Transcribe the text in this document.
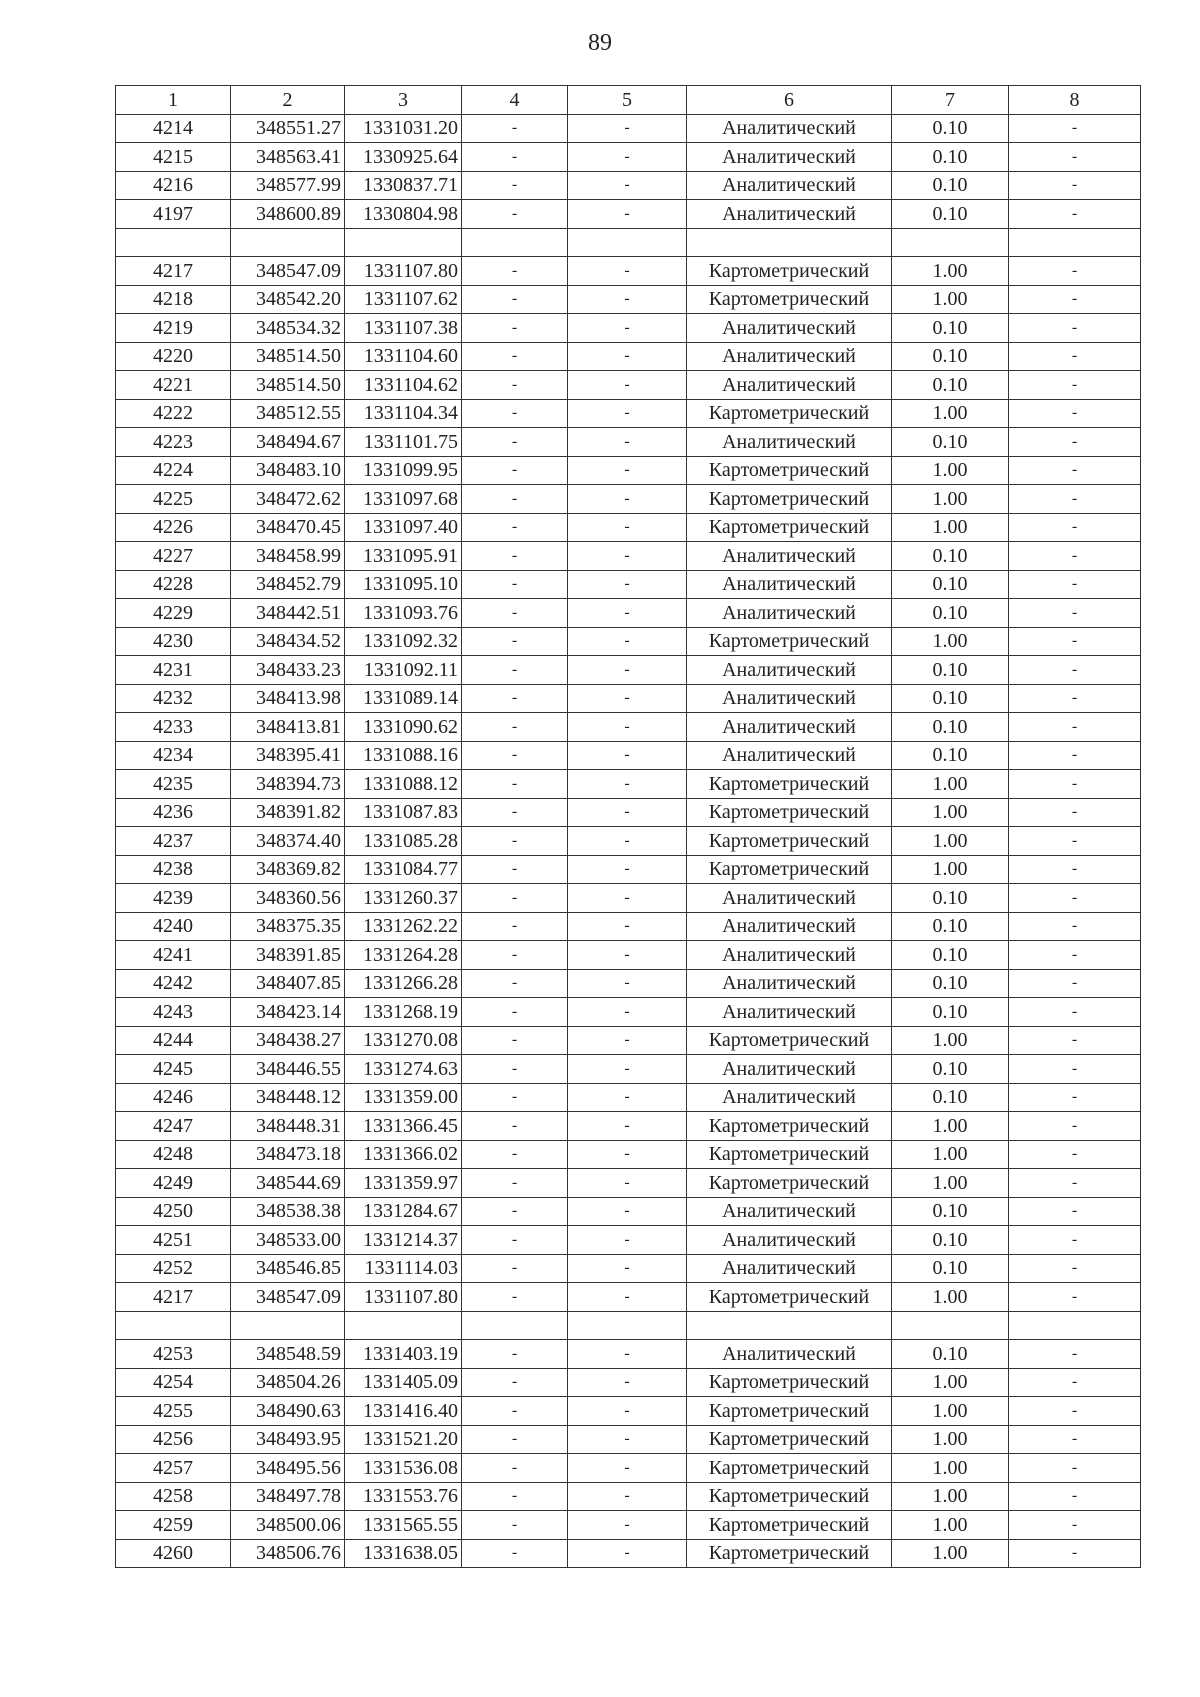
89
1	2	3	4	5	6	7	8
4214	348551.27	1331031.20	-	-	Аналитический	0.10	-
4215	348563.41	1330925.64	-	-	Аналитический	0.10	-
4216	348577.99	1330837.71	-	-	Аналитический	0.10	-
4197	348600.89	1330804.98	-	-	Аналитический	0.10	-

4217	348547.09	1331107.80	-	-	Картометрический	1.00	-
4218	348542.20	1331107.62	-	-	Картометрический	1.00	-
4219	348534.32	1331107.38	-	-	Аналитический	0.10	-
4220	348514.50	1331104.60	-	-	Аналитический	0.10	-
4221	348514.50	1331104.62	-	-	Аналитический	0.10	-
4222	348512.55	1331104.34	-	-	Картометрический	1.00	-
4223	348494.67	1331101.75	-	-	Аналитический	0.10	-
4224	348483.10	1331099.95	-	-	Картометрический	1.00	-
4225	348472.62	1331097.68	-	-	Картометрический	1.00	-
4226	348470.45	1331097.40	-	-	Картометрический	1.00	-
4227	348458.99	1331095.91	-	-	Аналитический	0.10	-
4228	348452.79	1331095.10	-	-	Аналитический	0.10	-
4229	348442.51	1331093.76	-	-	Аналитический	0.10	-
4230	348434.52	1331092.32	-	-	Картометрический	1.00	-
4231	348433.23	1331092.11	-	-	Аналитический	0.10	-
4232	348413.98	1331089.14	-	-	Аналитический	0.10	-
4233	348413.81	1331090.62	-	-	Аналитический	0.10	-
4234	348395.41	1331088.16	-	-	Аналитический	0.10	-
4235	348394.73	1331088.12	-	-	Картометрический	1.00	-
4236	348391.82	1331087.83	-	-	Картометрический	1.00	-
4237	348374.40	1331085.28	-	-	Картометрический	1.00	-
4238	348369.82	1331084.77	-	-	Картометрический	1.00	-
4239	348360.56	1331260.37	-	-	Аналитический	0.10	-
4240	348375.35	1331262.22	-	-	Аналитический	0.10	-
4241	348391.85	1331264.28	-	-	Аналитический	0.10	-
4242	348407.85	1331266.28	-	-	Аналитический	0.10	-
4243	348423.14	1331268.19	-	-	Аналитический	0.10	-
4244	348438.27	1331270.08	-	-	Картометрический	1.00	-
4245	348446.55	1331274.63	-	-	Аналитический	0.10	-
4246	348448.12	1331359.00	-	-	Аналитический	0.10	-
4247	348448.31	1331366.45	-	-	Картометрический	1.00	-
4248	348473.18	1331366.02	-	-	Картометрический	1.00	-
4249	348544.69	1331359.97	-	-	Картометрический	1.00	-
4250	348538.38	1331284.67	-	-	Аналитический	0.10	-
4251	348533.00	1331214.37	-	-	Аналитический	0.10	-
4252	348546.85	1331114.03	-	-	Аналитический	0.10	-
4217	348547.09	1331107.80	-	-	Картометрический	1.00	-

4253	348548.59	1331403.19	-	-	Аналитический	0.10	-
4254	348504.26	1331405.09	-	-	Картометрический	1.00	-
4255	348490.63	1331416.40	-	-	Картометрический	1.00	-
4256	348493.95	1331521.20	-	-	Картометрический	1.00	-
4257	348495.56	1331536.08	-	-	Картометрический	1.00	-
4258	348497.78	1331553.76	-	-	Картометрический	1.00	-
4259	348500.06	1331565.55	-	-	Картометрический	1.00	-
4260	348506.76	1331638.05	-	-	Картометрический	1.00	-
